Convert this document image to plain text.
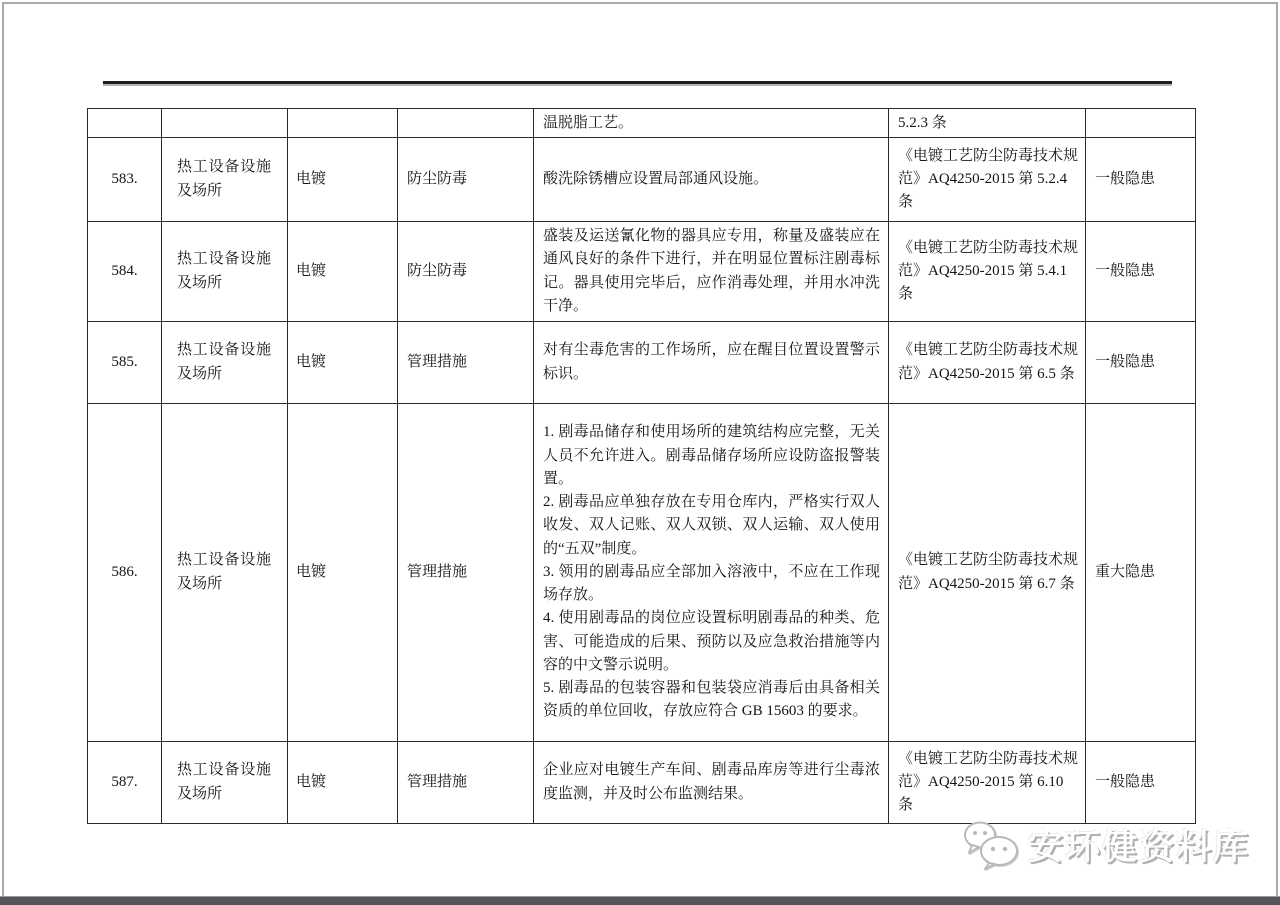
			温脱脂工艺。	5.2.3 条	
583.	热工设备设施及场所	电镀	防尘防毒	酸洗除锈槽应设置局部通风设施。	《电镀工艺防尘防毒技术规范》AQ4250-2015 第 5.2.4 条	一般隐患
584.	热工设备设施及场所	电镀	防尘防毒	盛装及运送氰化物的器具应专用，称量及盛装应在通风良好的条件下进行，并在明显位置标注剧毒标记。器具使用完毕后，应作消毒处理，并用水冲洗干净。	《电镀工艺防尘防毒技术规范》AQ4250-2015 第 5.4.1 条	一般隐患
585.	热工设备设施及场所	电镀	管理措施	对有尘毒危害的工作场所，应在醒目位置设置警示标识。	《电镀工艺防尘防毒技术规范》AQ4250-2015 第 6.5 条	一般隐患
586.	热工设备设施及场所	电镀	管理措施	1. 剧毒品储存和使用场所的建筑结构应完整，无关人员不允许进入。剧毒品储存场所应设防盗报警装置。
2. 剧毒品应单独存放在专用仓库内，严格实行双人收发、双人记账、双人双锁、双人运输、双人使用的“五双”制度。
3. 领用的剧毒品应全部加入溶液中，不应在工作现场存放。
4. 使用剧毒品的岗位应设置标明剧毒品的种类、危害、可能造成的后果、预防以及应急救治措施等内容的中文警示说明。
5. 剧毒品的包装容器和包装袋应消毒后由具备相关资质的单位回收，存放应符合 GB 15603 的要求。	《电镀工艺防尘防毒技术规范》AQ4250-2015 第 6.7 条	重大隐患
587.	热工设备设施及场所	电镀	管理措施	企业应对电镀生产车间、剧毒品库房等进行尘毒浓度监测，并及时公布监测结果。	《电镀工艺防尘防毒技术规范》AQ4250-2015 第 6.10 条	一般隐患
安环健资料库
